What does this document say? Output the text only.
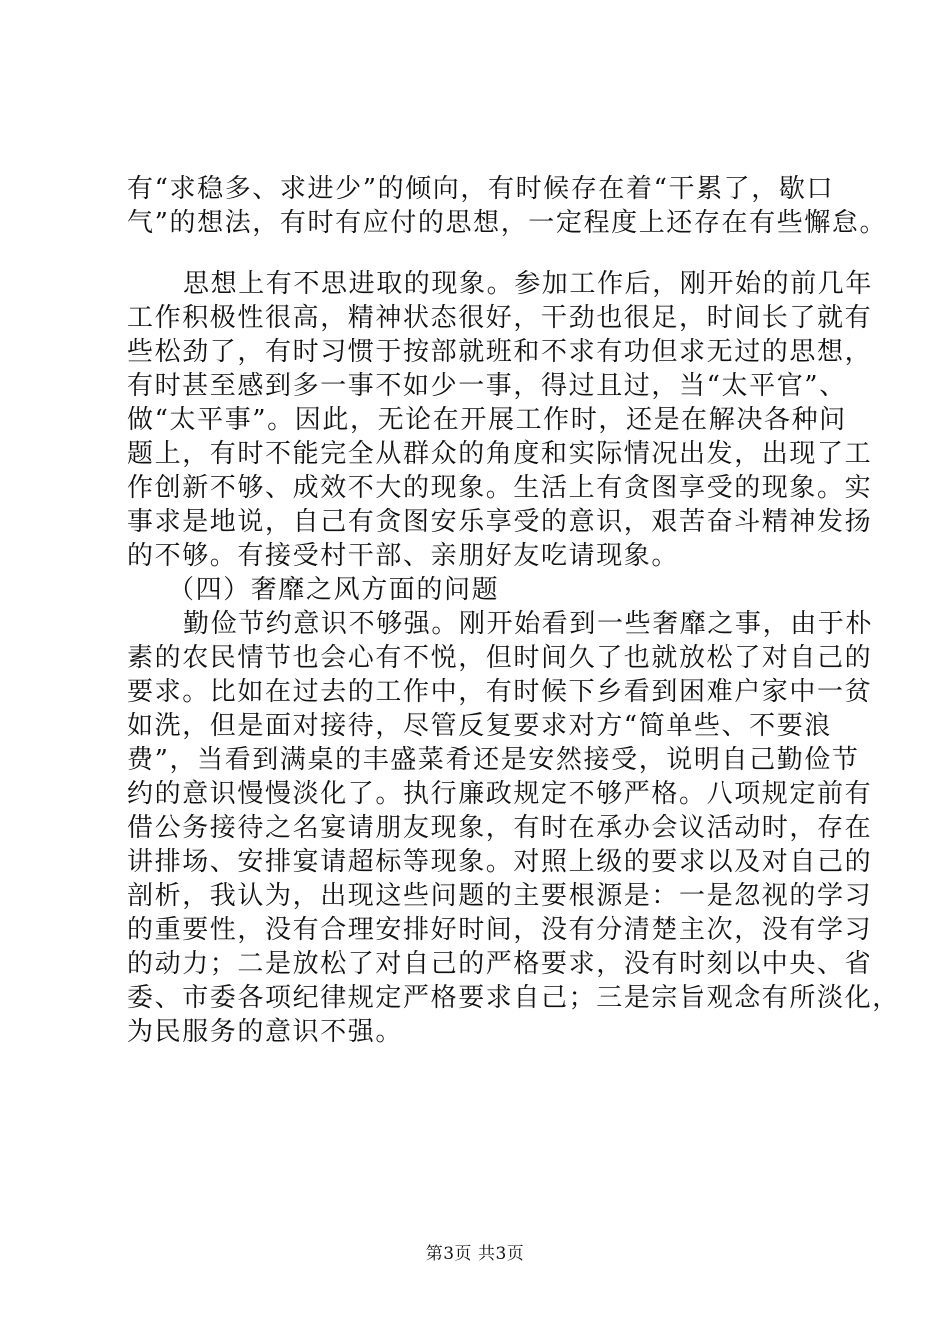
有“求稳多、求进少”的倾向，有时候存在着“干累了，歇口
气”的想法，有时有应付的思想，一定程度上还存在有些懈怠。
思想上有不思进取的现象。参加工作后，刚开始的前几年
工作积极性很高，精神状态很好，干劲也很足，时间长了就有
些松劲了，有时习惯于按部就班和不求有功但求无过的思想，
有时甚至感到多一事不如少一事，得过且过，当“太平官”、
做“太平事”。因此，无论在开展工作时，还是在解决各种问
题上，有时不能完全从群众的角度和实际情况出发，出现了工
作创新不够、成效不大的现象。生活上有贪图享受的现象。实
事求是地说，自己有贪图安乐享受的意识，艰苦奋斗精神发扬
的不够。有接受村干部、亲朋好友吃请现象。
（四）奢靡之风方面的问题
勤俭节约意识不够强。刚开始看到一些奢靡之事，由于朴
素的农民情节也会心有不悦，但时间久了也就放松了对自己的
要求。比如在过去的工作中，有时候下乡看到困难户家中一贫
如洗，但是面对接待，尽管反复要求对方“简单些、不要浪
费”，当看到满桌的丰盛菜肴还是安然接受，说明自己勤俭节
约的意识慢慢淡化了。执行廉政规定不够严格。八项规定前有
借公务接待之名宴请朋友现象，有时在承办会议活动时，存在
讲排场、安排宴请超标等现象。对照上级的要求以及对自己的
剖析，我认为，出现这些问题的主要根源是：一是忽视的学习
的重要性，没有合理安排好时间，没有分清楚主次，没有学习
的动力；二是放松了对自己的严格要求，没有时刻以中央、省
委、市委各项纪律规定严格要求自己；三是宗旨观念有所淡化，
为民服务的意识不强。
第3页 共3页
